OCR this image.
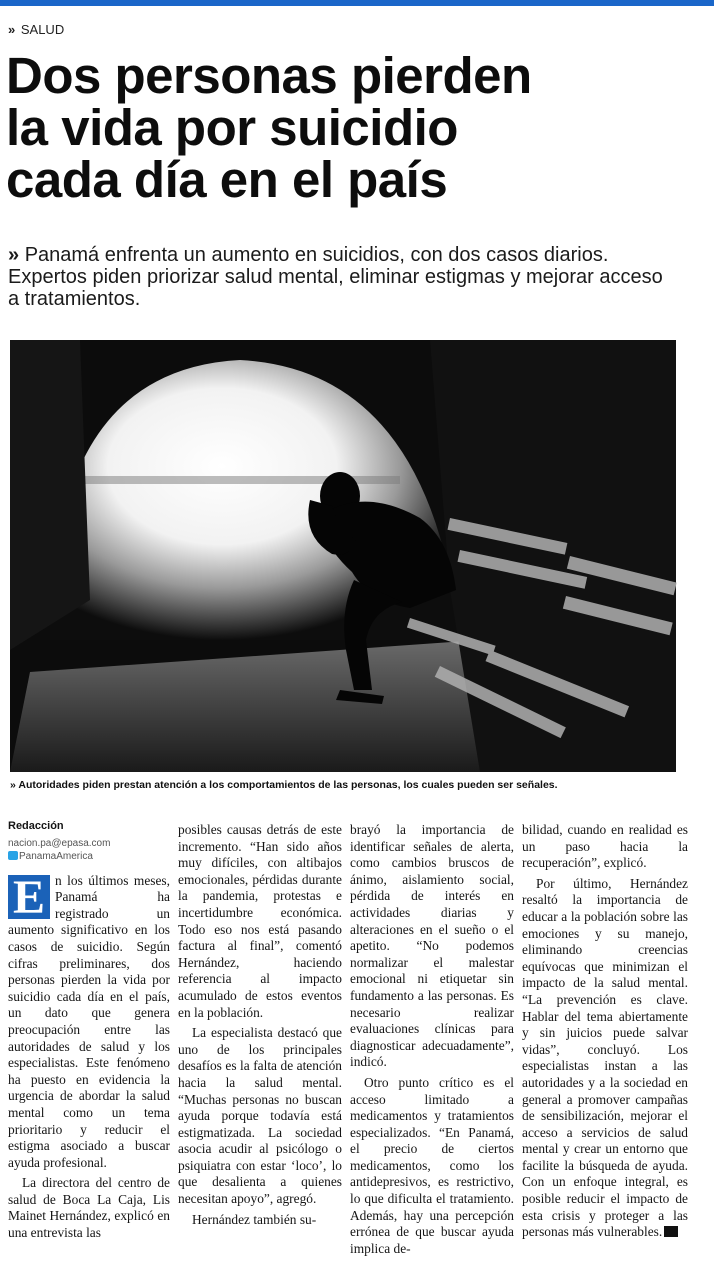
» SALUD
Dos personas pierden
la vida por suicidio
cada día en el país
» Panamá enfrenta un aumento en suicidios, con dos casos diarios. Expertos piden priorizar salud mental, eliminar estigmas y mejorar acceso a tratamientos.
» Autoridades piden prestan atención a los comportamientos de las personas, los cuales pueden ser señales.
Redacción
nacion.pa@epasa.com
PanamaAmerica

E n los últimos meses, Panamá ha registrado un aumento significativo en los casos de suicidio. Según cifras preliminares, dos personas pierden la vida por suicidio cada día en el país, un dato que genera preocupación entre las autoridades de salud y los especialistas. Este fenómeno ha puesto en evidencia la urgencia de abordar la salud mental como un tema prioritario y reducir el estigma asociado a buscar ayuda profesional.

La directora del centro de salud de Boca La Caja, Lis Mainet Hernández, explicó en una entrevista las

posibles causas detrás de este incremento. “Han sido años muy difíciles, con altibajos emocionales, pérdidas durante la pandemia, protestas e incertidumbre económica. Todo eso nos está pasando factura al final”, comentó Hernández, haciendo referencia al impacto acumulado de estos eventos en la población.

La especialista destacó que uno de los principales desafíos es la falta de atención hacia la salud mental. “Muchas personas no buscan ayuda porque todavía está estigmatizada. La sociedad asocia acudir al psicólogo o psiquiatra con estar ‘loco’, lo que desalienta a quienes necesitan apoyo”, agregó.

Hernández también su-

brayó la importancia de identificar señales de alerta, como cambios bruscos de ánimo, aislamiento social, pérdida de interés en actividades diarias y alteraciones en el sueño o el apetito. “No podemos normalizar el malestar emocional ni etiquetar sin fundamento a las personas. Es necesario realizar evaluaciones clínicas para diagnosticar adecuadamente”, indicó.

Otro punto crítico es el acceso limitado a medicamentos y tratamientos especializados. “En Panamá, el precio de ciertos medicamentos, como los antidepresivos, es restrictivo, lo que dificulta el tratamiento. Además, hay una percepción errónea de que buscar ayuda implica de-

bilidad, cuando en realidad es un paso hacia la recuperación”, explicó.

Por último, Hernández resaltó la importancia de educar a la población sobre las emociones y su manejo, eliminando creencias equívocas que minimizan el impacto de la salud mental. “La prevención es clave. Hablar del tema abiertamente y sin juicios puede salvar vidas”, concluyó. Los especialistas instan a las autoridades y a la sociedad en general a promover campañas de sensibilización, mejorar el acceso a servicios de salud mental y crear un entorno que facilite la búsqueda de ayuda. Con un enfoque integral, es posible reducir el impacto de esta crisis y proteger a las personas más vulnerables.
